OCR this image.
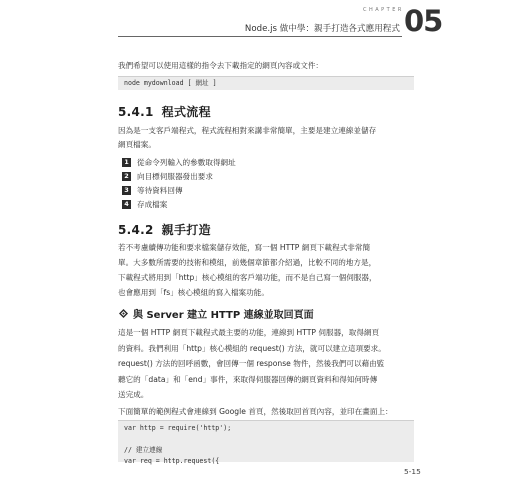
CHAPTER
Node.js 做中學：親手打造各式應用程式 05

我們希望可以使用這樣的指令去下載指定的網頁內容或文件：

node mydownload [ 網址 ]
5.4.1 程式流程

因為是一支客戶端程式，程式流程相對來講非常簡單，主要是建立連線並儲存

網頁檔案。

1 從命令列輸入的參數取得網址
2 向目標伺服器發出要求
3 等待資料回傳
4 存成檔案
5.4.2 親手打造

若不考慮續傳功能和要求檔案儲存效能，寫一個 HTTP 網頁下載程式非常簡

單。大多數所需要的技術和模組，前幾個章節都介紹過，比較不同的地方是，

下載程式將用到「http」核心模組的客戶端功能，而不是自己寫一個伺服器，

也會應用到「fs」核心模組的寫入檔案功能。

與 Server 建立 HTTP 連線並取回頁面

這是一個 HTTP 網頁下載程式最主要的功能，連線到 HTTP 伺服器，取得網頁

的資料。我們利用「http」核心模組的 request() 方法，就可以建立這項要求。

request() 方法的回呼函數，會回傳一個 response 物件，然後我們可以藉由監

聽它的「data」和「end」事件，來取得伺服器回傳的網頁資料和得知何時傳

送完成。

下面簡單的範例程式會連線到 Google 首頁，然後取回首頁內容，並印在畫面上：

var http = require('http');
// 建立連線
var req = http.request({
5-15
